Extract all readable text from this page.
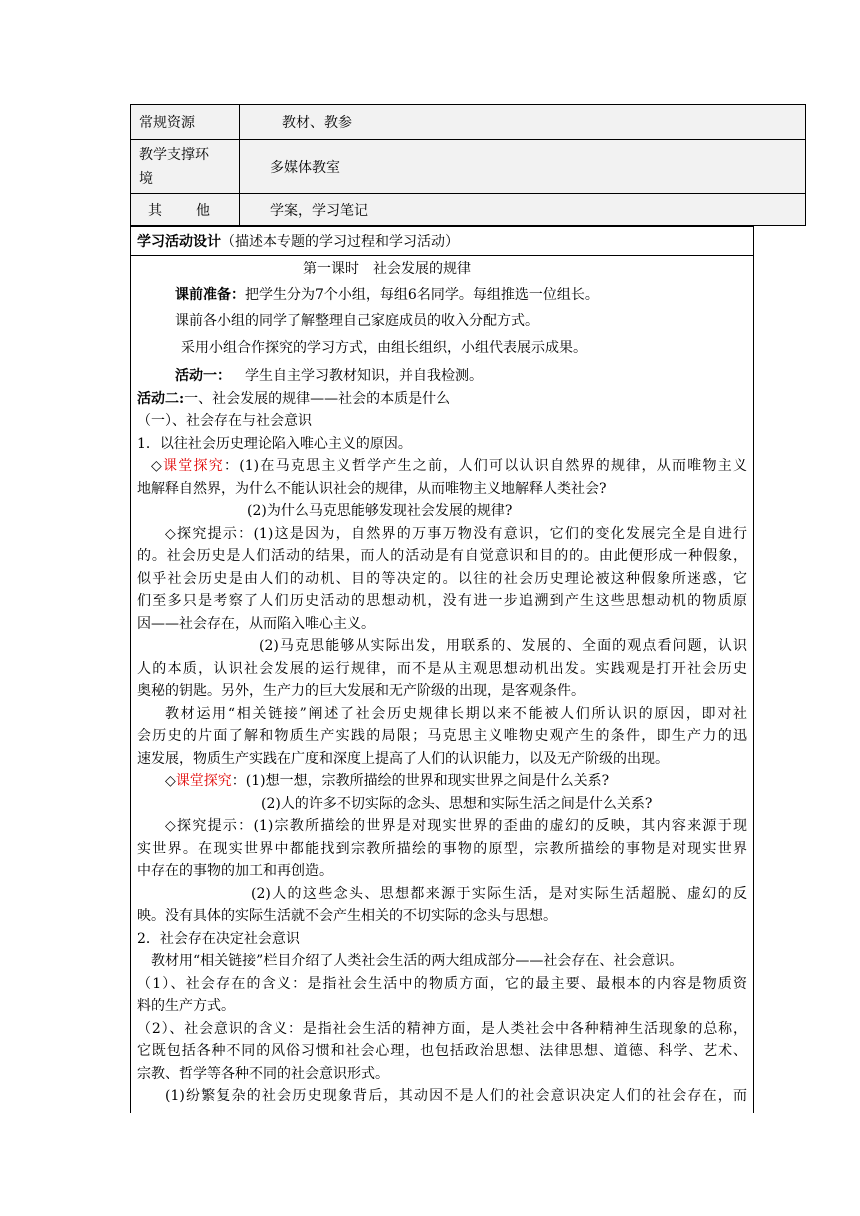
常规资源	教材、教参

教学支撑环境	多媒体教室
其他	学案，学习笔记
学习活动设计（描述本专题的学习过程和学习活动）
第一课时　社会发展的规律
课前准备：把学生分为7个小组，每组6名同学。每组推选一位组长。
课前各小组的同学了解整理自己家庭成员的收入分配方式。
采用小组合作探究的学习方式，由组长组织，小组代表展示成果。
活动一： 学生自主学习教材知识，并自我检测。
活动二:一、社会发展的规律——社会的本质是什么
（一）、社会存在与社会意识
1．以往社会历史理论陷入唯心主义的原因。
◇课堂探究：(1)在马克思主义哲学产生之前，人们可以认识自然界的规律，从而唯物主义
地解释自然界，为什么不能认识社会的规律，从而唯物主义地解释人类社会?
(2)为什么马克思能够发现社会发展的规律?
◇探究提示：(1)这是因为，自然界的万事万物没有意识，它们的变化发展完全是自进行
的。社会历史是人们活动的结果，而人的活动是有自觉意识和目的的。由此便形成一种假象，
似乎社会历史是由人们的动机、目的等决定的。以往的社会历史理论被这种假象所迷惑，它
们至多只是考察了人们历史活动的思想动机，没有进一步追溯到产生这些思想动机的物质原
因——社会存在，从而陷入唯心主义。
(2)马克思能够从实际出发，用联系的、发展的、全面的观点看问题，认识
人的本质，认识社会发展的运行规律，而不是从主观思想动机出发。实践观是打开社会历史
奥秘的钥匙。另外，生产力的巨大发展和无产阶级的出现，是客观条件。
教材运用“相关链接”阐述了社会历史规律长期以来不能被人们所认识的原因，即对社
会历史的片面了解和物质生产实践的局限；马克思主义唯物史观产生的条件，即生产力的迅
速发展，物质生产实践在广度和深度上提高了人们的认识能力，以及无产阶级的出现。
◇课堂探究：(1)想一想，宗教所描绘的世界和现实世界之间是什么关系?
(2)人的许多不切实际的念头、思想和实际生活之间是什么关系?
◇探究提示：(1)宗教所描绘的世界是对现实世界的歪曲的虚幻的反映，其内容来源于现
实世界。在现实世界中都能找到宗教所描绘的事物的原型，宗教所描绘的事物是对现实世界
中存在的事物的加工和再创造。
(2)人的这些念头、思想都来源于实际生活，是对实际生活超脱、虚幻的反
映。没有具体的实际生活就不会产生相关的不切实际的念头与思想。
2．社会存在决定社会意识
教材用“相关链接”栏目介绍了人类社会生活的两大组成部分——社会存在、社会意识。
（1）、社会存在的含义：是指社会生活中的物质方面，它的最主要、最根本的内容是物质资
料的生产方式。
（2）、社会意识的含义：是指社会生活的精神方面，是人类社会中各种精神生活现象的总称，
它既包括各种不同的风俗习惯和社会心理，也包括政治思想、法律思想、道德、科学、艺术、
宗教、哲学等各种不同的社会意识形式。
(1)纷繁复杂的社会历史现象背后，其动因不是人们的社会意识决定人们的社会存在，而
